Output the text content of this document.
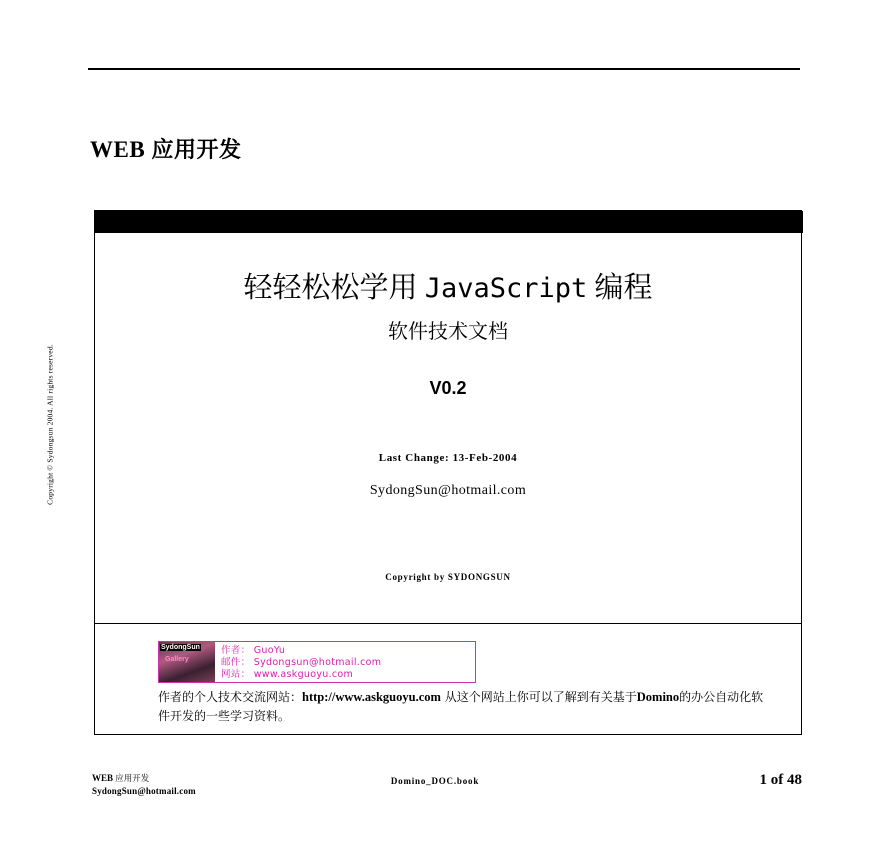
WEB 应用开发
轻轻松松学用 JavaScript 编程
软件技术文档
V0.2
Last Change: 13-Feb-2004
SydongSun@hotmail.com
Copyright by SYDONGSUN
SydongSun
Gallery
作者： GuoYu
邮件： Sydongsun@hotmail.com
网站： www.askguoyu.com
作者的个人技术交流网站：http://www.askguoyu.com 从这个网站上你可以了解到有关基于Domino的办公自动化软件开发的一些学习资料。
Copyright © Sydongsun 2004. All rights reserved.
WEB 应用开发
SydongSun@hotmail.com
Domino_DOC.book	1 of 48
